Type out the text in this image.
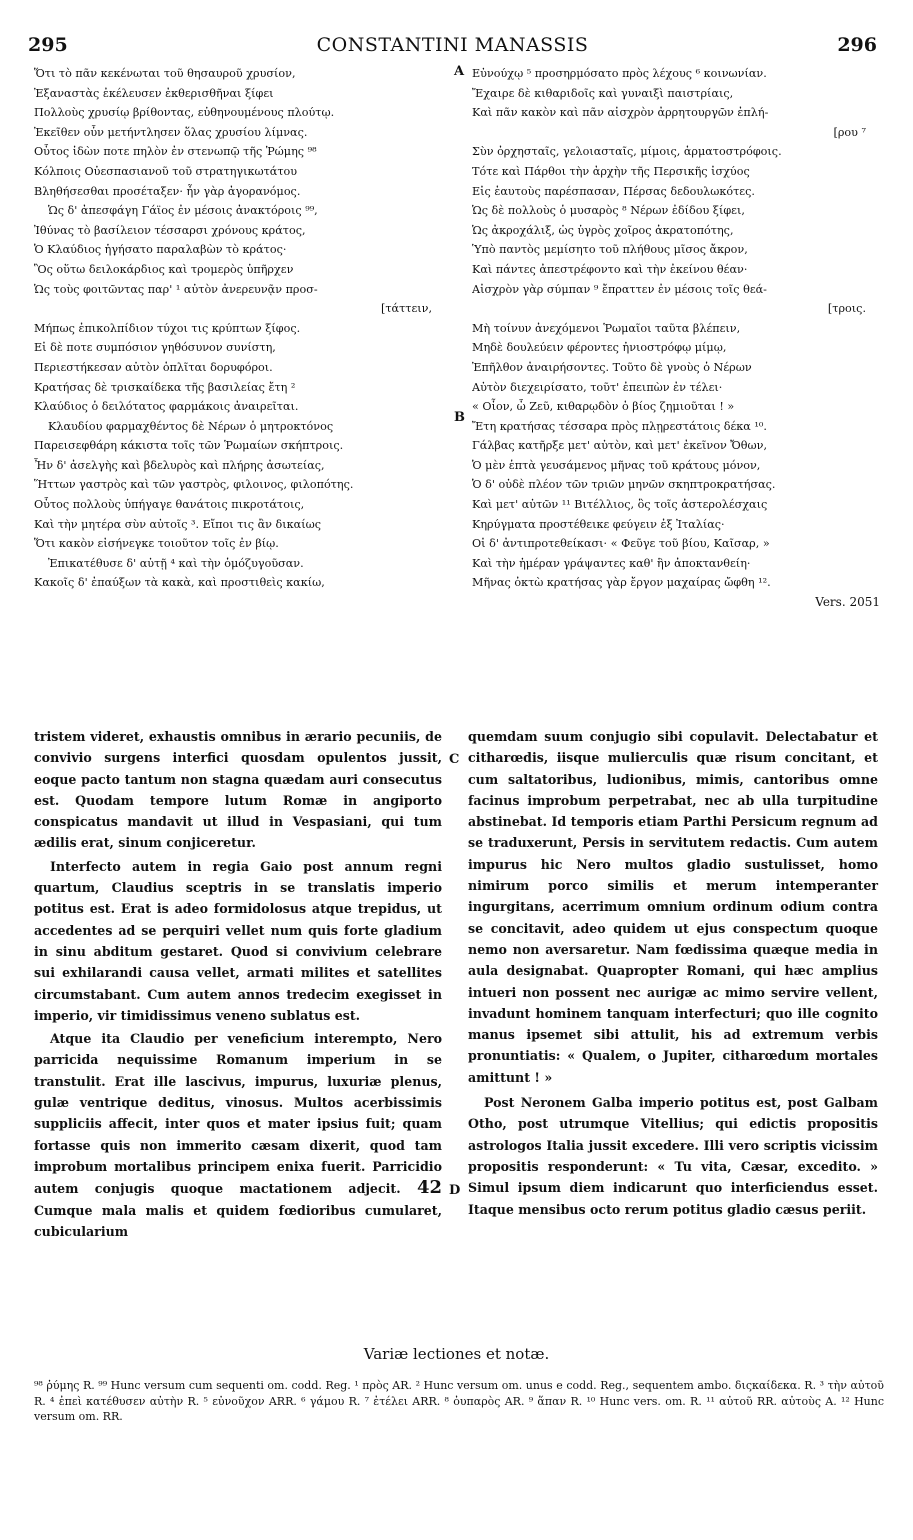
295	CONSTANTINI MANASSIS	296
Ὅτι τὸ πᾶν κεκένωται τοῦ θησαυροῦ χρυσίον,
Ἐξαναστὰς ἐκέλευσεν ἐκθερισθῆναι ξίφει
Πολλοὺς χρυσίῳ βρίθοντας, εὐθηνουμένους πλούτῳ.
Ἐκεῖθεν οὖν μετήντλησεν ὅλας χρυσίου λίμνας.
Οὗτος ἰδὼν ποτε πηλὸν ἐν στενωπῷ τῆς Ῥώμης ⁹⁸
Κόλποις Οὐεσπασιανοῦ τοῦ στρατηγικωτάτου
Βληθήσεσθαι προσέταξεν· ἦν γὰρ ἀγορανόμος.
Ὡς δ' ἀπεσφάγη Γάϊος ἐν μέσοις ἀνακτόροις ⁹⁹,
Ἰθύνας τὸ βασίλειον τέσσαρσι χρόνους κράτος,
Ὁ Κλαύδιος ἡγήσατο παραλαβὼν τὸ κράτος·
Ὃς οὕτω δειλοκάρδιος καὶ τρομερὸς ὑπῆρχεν
Ὡς τοὺς φοιτῶντας παρ' ¹ αὐτὸν ἀνερευνᾷν προσ-
[τάττειν,
Μήπως ἐπικολπίδιον τύχοι τις κρύπτων ξίφος.
Εἰ δὲ ποτε συμπόσιον γηθόσυνον συνίστη,
Περιεστήκεσαν αὐτὸν ὁπλῖται δορυφόροι.
Κρατήσας δὲ τρισκαίδεκα τῆς βασιλείας ἔτη ²
Κλαύδιος ὁ δειλότατος φαρμάκοις ἀναιρεῖται.
Κλαυδίου φαρμαχθέντος δὲ Νέρων ὁ μητροκτόνος
Παρεισεφθάρη κάκιστα τοῖς τῶν Ῥωμαίων σκήπτροις.
Ἦν δ' ἀσελγὴς καὶ βδελυρὸς καὶ πλήρης ἀσωτείας,
Ἥττων γαστρὸς καὶ τῶν γαστρὸς, φιλοινος, φιλοπότης.
Οὗτος πολλοὺς ὑπήγαγε θανάτοις πικροτάτοις,
Καὶ τὴν μητέρα σὺν αὐτοῖς ³. Εἴποι τις ἂν δικαίως
Ὅτι κακὸν εἰσήνεγκε τοιοῦτον τοῖς ἐν βίῳ.
Ἐπικατέθυσε δ' αὐτῇ ⁴ καὶ τὴν ὁμόζυγοῦσαν.
Κακοῖς δ' ἐπαύξων τὰ κακὰ, καὶ προστιθεὶς κακίω,
A
B
Εὐνούχῳ ⁵ προσηρμόσατο πρὸς λέχους ⁶ κοινωνίαν.
Ἔχαιρε δὲ κιθαριδοῖς καὶ γυναιξὶ παιστρίαις,
Καὶ πᾶν κακὸν καὶ πᾶν αἰσχρὸν ἀρρητουργῶν ἐπλή-
[ρου ⁷
Σὺν ὀρχησταῖς, γελοιασταῖς, μίμοις, ἁρματοστρόφοις.
Τότε καὶ Πάρθοι τὴν ἀρχὴν τῆς Περσικῆς ἰσχύος
Εἰς ἑαυτοὺς παρέσπασαν, Πέρσας δεδουλωκότες.
Ὡς δὲ πολλοὺς ὁ μυσαρὸς ⁸ Νέρων ἐδίδου ξίφει,
Ὡς ἀκροχάλιξ, ὡς ὑγρὸς χοῖρος ἀκρατοπότης,
Ὑπὸ παντὸς μεμίσητο τοῦ πλήθους μῖσος ἄκρον,
Καὶ πάντες ἀπεστρέφοντο καὶ τὴν ἐκείνου θέαν·
Αἰσχρὸν γὰρ σύμπαν ⁹ ἔπραττεν ἐν μέσοις τοῖς θεά-
[τροις.
Μὴ τοίνυν ἀνεχόμενοι Ῥωμαῖοι ταῦτα βλέπειν,
Μηδὲ δουλεύειν φέροντες ἠνιοστρόφῳ μίμῳ,
Ἐπῆλθον ἀναιρήσοντες. Τοῦτο δὲ γνοὺς ὁ Νέρων
Αὐτὸν διεχειρίσατο, τοῦτ' ἐπειπὼν ἐν τέλει·
« Οἷον, ὦ Ζεῦ, κιθαρῳδὸν ὁ βίος ζημιοῦται ! »
Ἔτη κρατήσας τέσσαρα πρὸς πλῃρεστάτοις δέκα ¹⁰.
Γάλβας κατῆρξε μετ' αὐτὸν, καὶ μετ' ἐκεῖνον Ὄθων,
Ὁ μὲν ἑπτὰ γευσάμενος μῆνας τοῦ κράτους μόνον,
Ὁ δ' οὐδὲ πλέον τῶν τριῶν μηνῶν σκηπτροκρατήσας.
Καὶ μετ' αὐτῶν ¹¹ Βιτέλλιος, ὃς τοῖς ἀστερολέσχαις
Κηρύγματα προστέθεικε φεύγειν ἐξ Ἰταλίας·
Οἱ δ' ἀντιπροτεθείκασι· « Φεῦγε τοῦ βίου, Καῖσαρ, »
Καὶ τὴν ἡμέραν γράψαντες καθ' ἣν ἀποκτανθείη·
Μῆνας ὀκτὼ κρατήσας γὰρ ἔργον μαχαίρας ὤφθη ¹².
Vers. 2051

tristem videret, exhaustis omnibus in ærario pecuniis, de convivio surgens interfici quosdam opulentos jussit, eoque pacto tantum non stagna quædam auri consecutus est. Quodam tempore lutum Romæ in angiporto conspicatus mandavit ut illud in Vespasiani, qui tum ædilis erat, sinum conjiceretur.

Interfecto autem in regia Gaio post annum regni quartum, Claudius sceptris in se translatis imperio potitus est. Erat is adeo formidolosus atque trepidus, ut accedentes ad se perquiri vellet num quis forte gladium in sinu abditum gestaret. Quod si convivium celebrare sui exhilarandi causa vellet, armati milites et satellites circumstabant. Cum autem annos tredecim exegisset in imperio, vir timidissimus veneno sublatus est.

Atque ita Claudio per veneficium interempto, Nero parricida nequissime Romanum imperium in se transtulit. Erat ille lascivus, impurus, luxuriæ plenus, gulæ ventrique deditus, vinosus. Multos acerbissimis suppliciis affecit, inter quos et mater ipsius fuit; quam fortasse quis non immerito cæsam dixerit, quod tam improbum mortalibus principem enixa fuerit. Parricidio autem conjugis quoque mactationem adjecit. 42 Cumque mala malis et quidem fœdioribus cumularet, cubicularium

C
D

quemdam suum conjugio sibi copulavit. Delectabatur et citharœdis, iisque mulierculis quæ risum concitant, et cum saltatoribus, ludionibus, mimis, cantoribus omne facinus improbum perpetrabat, nec ab ulla turpitudine abstinebat. Id temporis etiam Parthi Persicum regnum ad se traduxerunt, Persis in servitutem redactis. Cum autem impurus hic Nero multos gladio sustulisset, homo nimirum porco similis et merum intemperanter ingurgitans, acerrimum omnium ordinum odium contra se concitavit, adeo quidem ut ejus conspectum quoque nemo non aversaretur. Nam fœdissima quæque media in aula designabat. Quapropter Romani, qui hæc amplius intueri non possent nec aurigæ ac mimo servire vellent, invadunt hominem tanquam interfecturi; quo ille cognito manus ipsemet sibi attulit, his ad extremum verbis pronuntiatis: « Qualem, o Jupiter, citharœdum mortales amittunt ! »

Post Neronem Galba imperio potitus est, post Galbam Otho, post utrumque Vitellius; qui edictis propositis astrologos Italia jussit excedere. Illi vero scriptis vicissim propositis responderunt: « Tu vita, Cæsar, excedito. » Simul ipsum diem indicarunt quo interficiendus esset. Itaque mensibus octo rerum potitus gladio cæsus periit.

Variæ lectiones et notæ.
⁹⁸ ῥύμης R. ⁹⁹ Hunc versum cum sequenti om. codd. Reg. ¹ πρὸς AR. ² Hunc versum om. unus e codd. Reg., sequentem ambo. διςκαίδεκα. R. ³ τὴν αὐτοῦ R. ⁴ ἐπεὶ κατέθυσεν αὐτὴν R. ⁵ εὐνοῦχον ARR. ⁶ γάμου R. ⁷ ἐτέλει ARR. ⁸ ὀυπαρὸς AR. ⁹ ἅπαν R. ¹⁰ Hunc vers. om. R. ¹¹ αὐτοῦ RR. αὐτοὺς A. ¹² Hunc versum om. RR.
